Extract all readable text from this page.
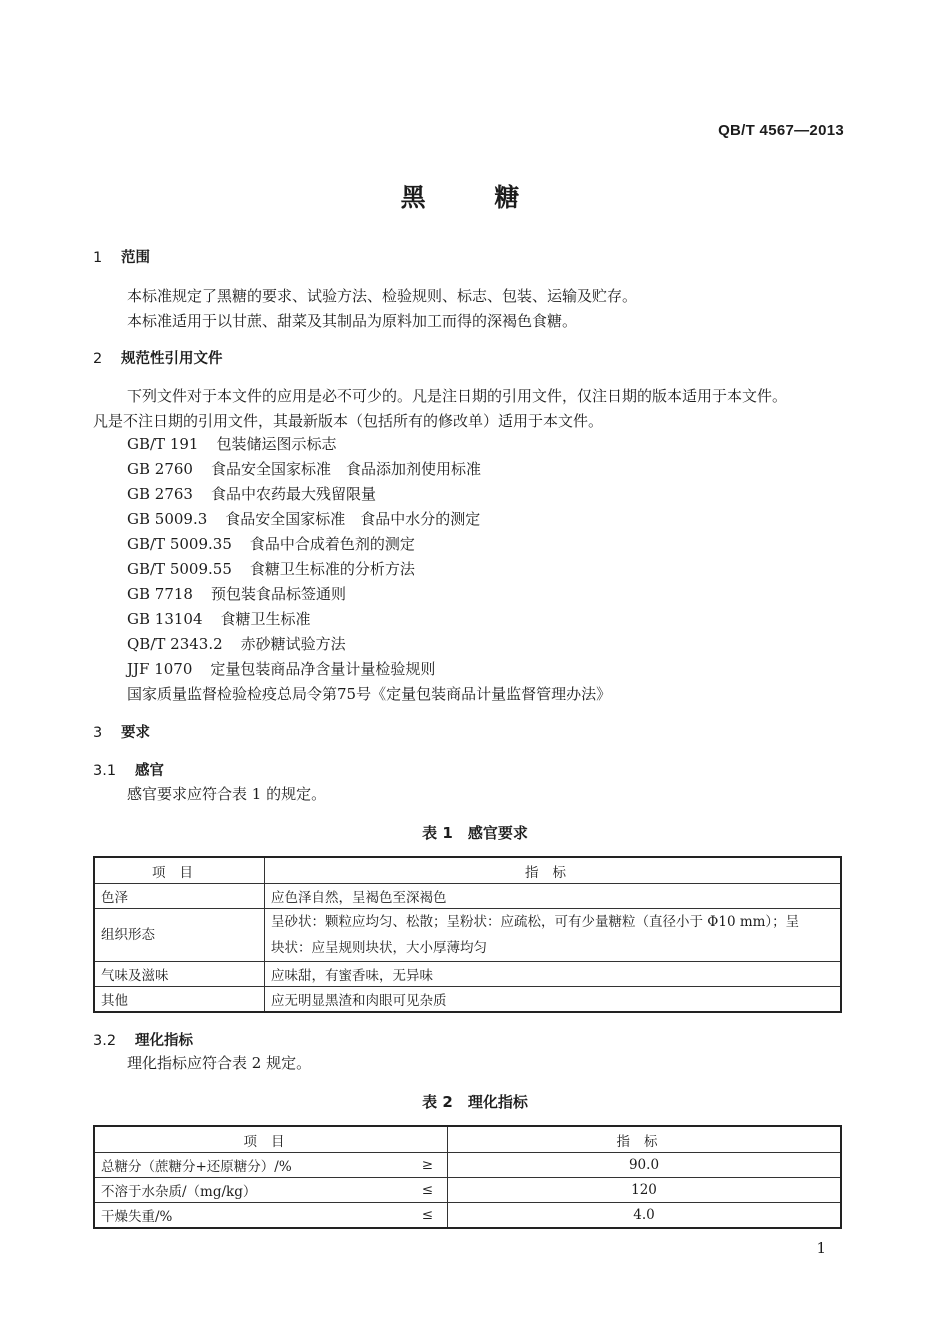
QB/T 4567—2013
黑 糖
1 范围
本标准规定了黑糖的要求、试验方法、检验规则、标志、包装、运输及贮存。
本标准适用于以甘蔗、甜菜及其制品为原料加工而得的深褐色食糖。
2 规范性引用文件
下列文件对于本文件的应用是必不可少的。凡是注日期的引用文件，仅注日期的版本适用于本文件。
凡是不注日期的引用文件，其最新版本（包括所有的修改单）适用于本文件。
GB/T 191 包装储运图示标志
GB 2760 食品安全国家标准　食品添加剂使用标准
GB 2763 食品中农药最大残留限量
GB 5009.3 食品安全国家标准　食品中水分的测定
GB/T 5009.35 食品中合成着色剂的测定
GB/T 5009.55 食糖卫生标准的分析方法
GB 7718 预包装食品标签通则
GB 13104 食糖卫生标准
QB/T 2343.2 赤砂糖试验方法
JJF 1070 定量包装商品净含量计量检验规则
国家质量监督检验检疫总局令第75号《定量包装商品计量监督管理办法》
3 要求
3.1 感官
感官要求应符合表 1 的规定。
表 1　感官要求
项目	指标
色泽	应色泽自然，呈褐色至深褐色
组织形态	呈砂状：颗粒应均匀、松散；呈粉状：应疏松，可有少量糖粒（直径小于 Φ10 mm）；呈
块状：应呈规则块状，大小厚薄均匀

气味及滋味	应味甜，有蜜香味，无异味
其他	应无明显黑渣和肉眼可见杂质
3.2 理化指标
理化指标应符合表 2 规定。
表 2　理化指标
项目		指标
总糖分（蔗糖分+还原糖分）/%	≥	90.0
不溶于水杂质/（mg/kg）	≤	120
干燥失重/%	≤	4.0
1
